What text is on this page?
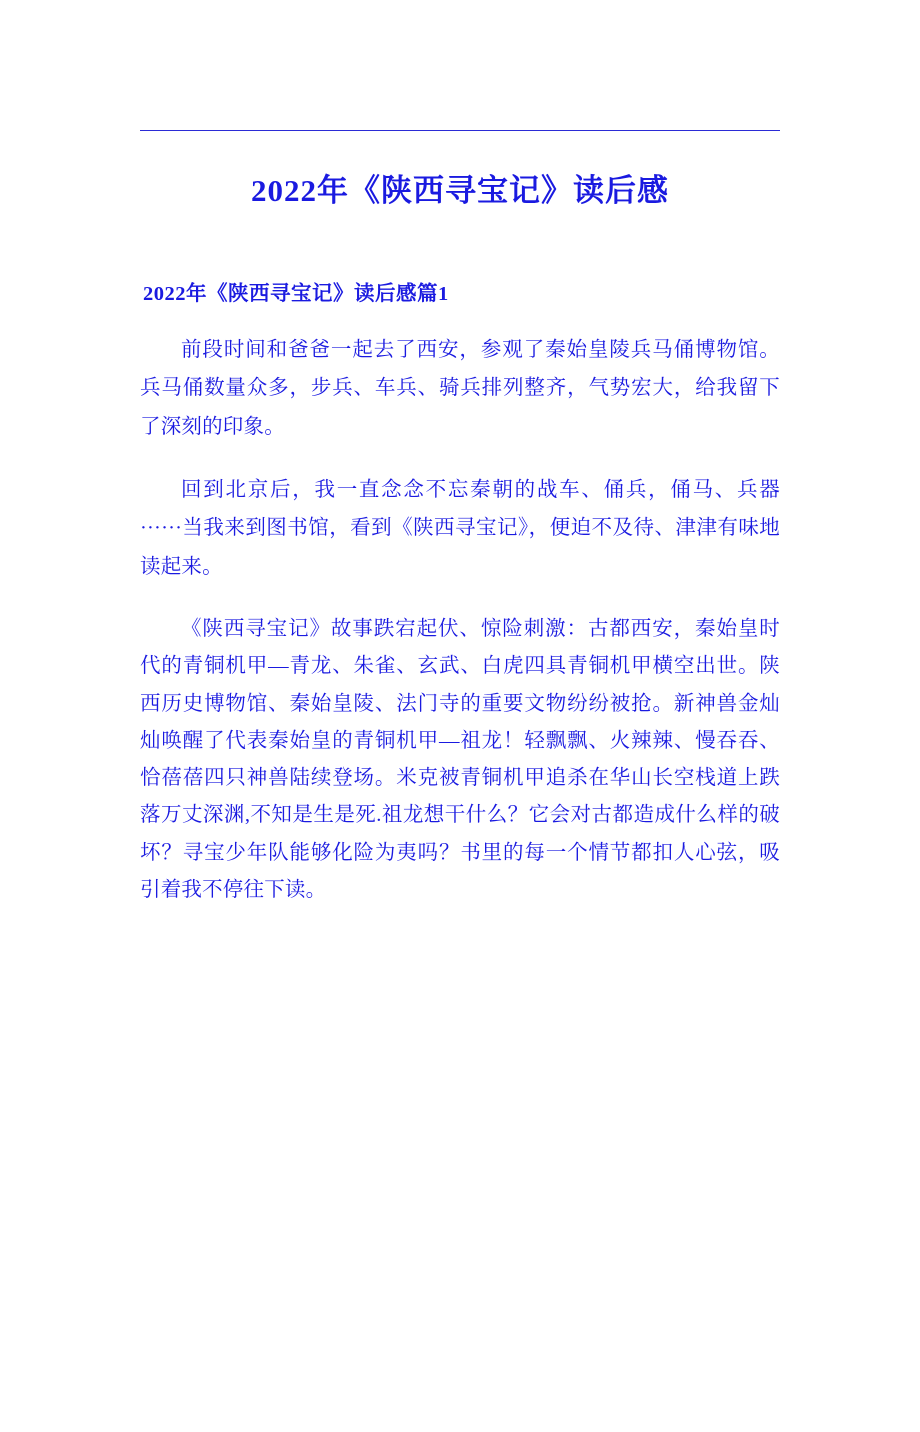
2022年《陕西寻宝记》读后感
2022年《陕西寻宝记》读后感篇1

前段时间和爸爸一起去了西安，参观了秦始皇陵兵马俑博物馆。兵马俑数量众多，步兵、车兵、骑兵排列整齐，气势宏大，给我留下了深刻的印象。

回到北京后，我一直念念不忘秦朝的战车、俑兵，俑马、兵器······当我来到图书馆，看到《陕西寻宝记》，便迫不及待、津津有味地读起来。

《陕西寻宝记》故事跌宕起伏、惊险刺激：古都西安，秦始皇时代的青铜机甲—青龙、朱雀、玄武、白虎四具青铜机甲横空出世。陕西历史博物馆、秦始皇陵、法门寺的重要文物纷纷被抢。新神兽金灿灿唤醒了代表秦始皇的青铜机甲—祖龙！轻飘飘、火辣辣、慢吞吞、恰蓓蓓四只神兽陆续登场。米克被青铜机甲追杀在华山长空栈道上跌落万丈深渊,不知是生是死.祖龙想干什么？它会对古都造成什么样的破坏？寻宝少年队能够化险为夷吗？书里的每一个情节都扣人心弦，吸引着我不停往下读。
